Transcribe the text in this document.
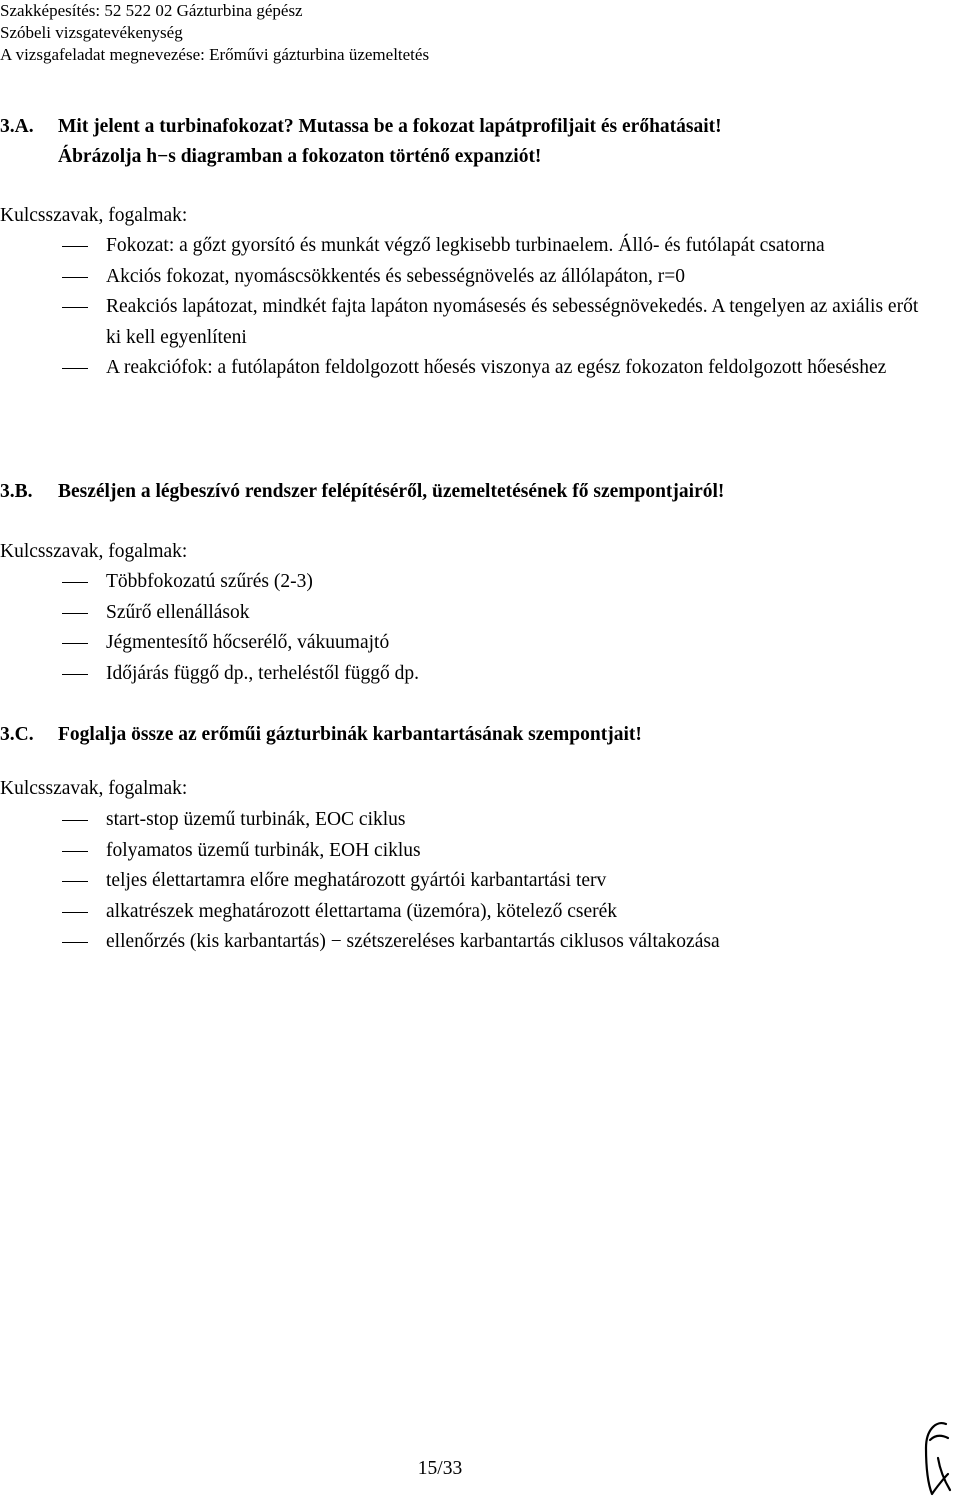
Szakképesítés: 52 522 02 Gázturbina gépész
Szóbeli vizsgatevékenység
A vizsgafeladat megnevezése: Erőművi gázturbina üzemeltetés
3.A. Mit jelent a turbinafokozat? Mutassa be a fokozat lapátprofiljait és erőhatásait!
Ábrázolja h−s diagramban a fokozaton történő expanziót!
Kulcsszavak, fogalmak:
Fokozat: a gőzt gyorsító és munkát végző legkisebb turbinaelem. Álló- és futólapát csatorna
Akciós fokozat, nyomáscsökkentés és sebességnövelés az állólapáton, r=0
Reakciós lapátozat, mindkét fajta lapáton nyomásesés és sebességnövekedés. A tengelyen az axiális erőt ki kell egyenlíteni
A reakciófok: a futólapáton feldolgozott hőesés viszonya az egész fokozaton feldolgozott hőeséshez
3.B. Beszéljen a légbeszívó rendszer felépítéséről, üzemeltetésének fő szempontjairól!
Kulcsszavak, fogalmak:
Többfokozatú szűrés (2-3)
Szűrő ellenállások
Jégmentesítő hőcserélő, vákuumajtó
Időjárás függő dp., terheléstől függő dp.
3.C. Foglalja össze az erőműi gázturbinák karbantartásának szempontjait!
Kulcsszavak, fogalmak:
start-stop üzemű turbinák, EOC ciklus
folyamatos üzemű turbinák, EOH ciklus
teljes élettartamra előre meghatározott gyártói karbantartási terv
alkatrészek meghatározott élettartama (üzemóra), kötelező cserék
ellenőrzés (kis karbantartás) − szétszereléses karbantartás ciklusos váltakozása
15/33
